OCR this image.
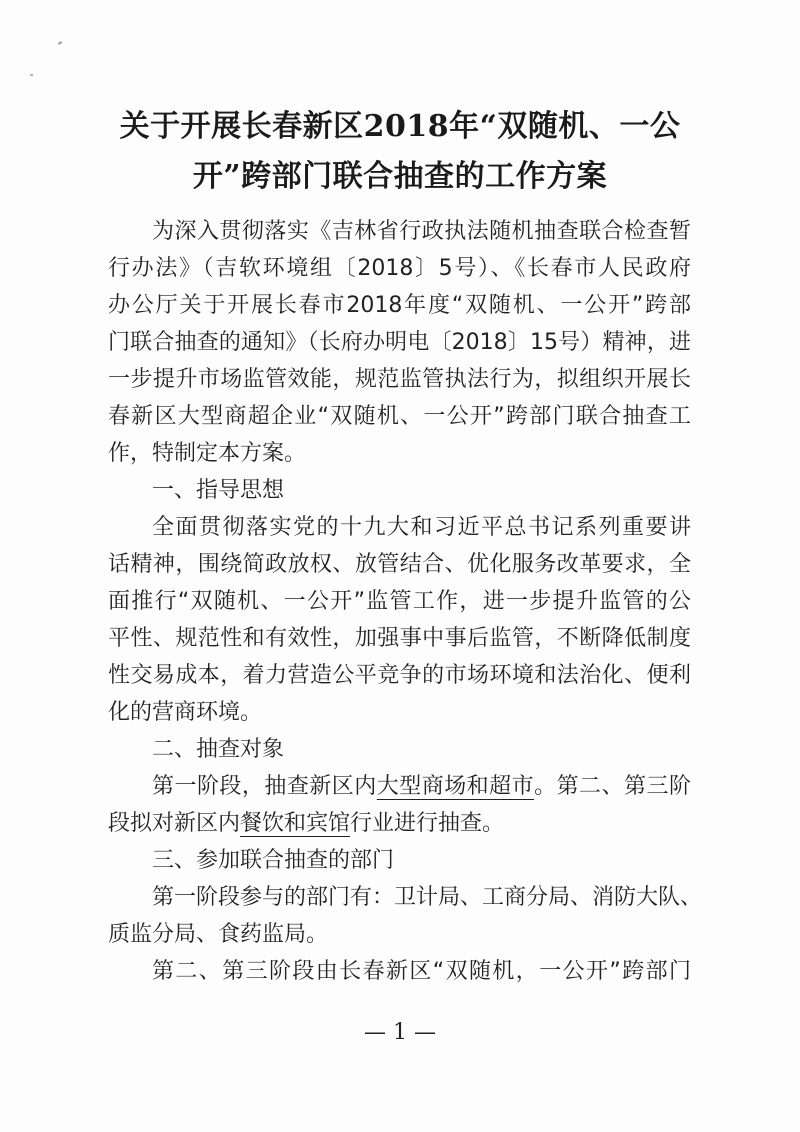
关于开展长春新区2018年“双随机、一公
开”跨部门联合抽查的工作方案
为深入贯彻落实《吉林省行政执法随机抽查联合检查暂
行办法》（吉软环境组〔2018〕5号）、《长春市人民政府
办公厅关于开展长春市2018年度“双随机、一公开”跨部
门联合抽查的通知》（长府办明电〔2018〕15号）精神，进
一步提升市场监管效能，规范监管执法行为，拟组织开展长
春新区大型商超企业“双随机、一公开”跨部门联合抽查工
作，特制定本方案。
一、指导思想
全面贯彻落实党的十九大和习近平总书记系列重要讲
话精神，围绕简政放权、放管结合、优化服务改革要求，全
面推行“双随机、一公开”监管工作，进一步提升监管的公
平性、规范性和有效性，加强事中事后监管，不断降低制度
性交易成本，着力营造公平竞争的市场环境和法治化、便利
化的营商环境。
二、抽查对象
第一阶段，抽查新区内大型商场和超市。第二、第三阶
段拟对新区内餐饮和宾馆行业进行抽查。
三、参加联合抽查的部门
第一阶段参与的部门有：卫计局、工商分局、消防大队、
质监分局、食药监局。
第二、第三阶段由长春新区“双随机，一公开”跨部门
— 1 —
